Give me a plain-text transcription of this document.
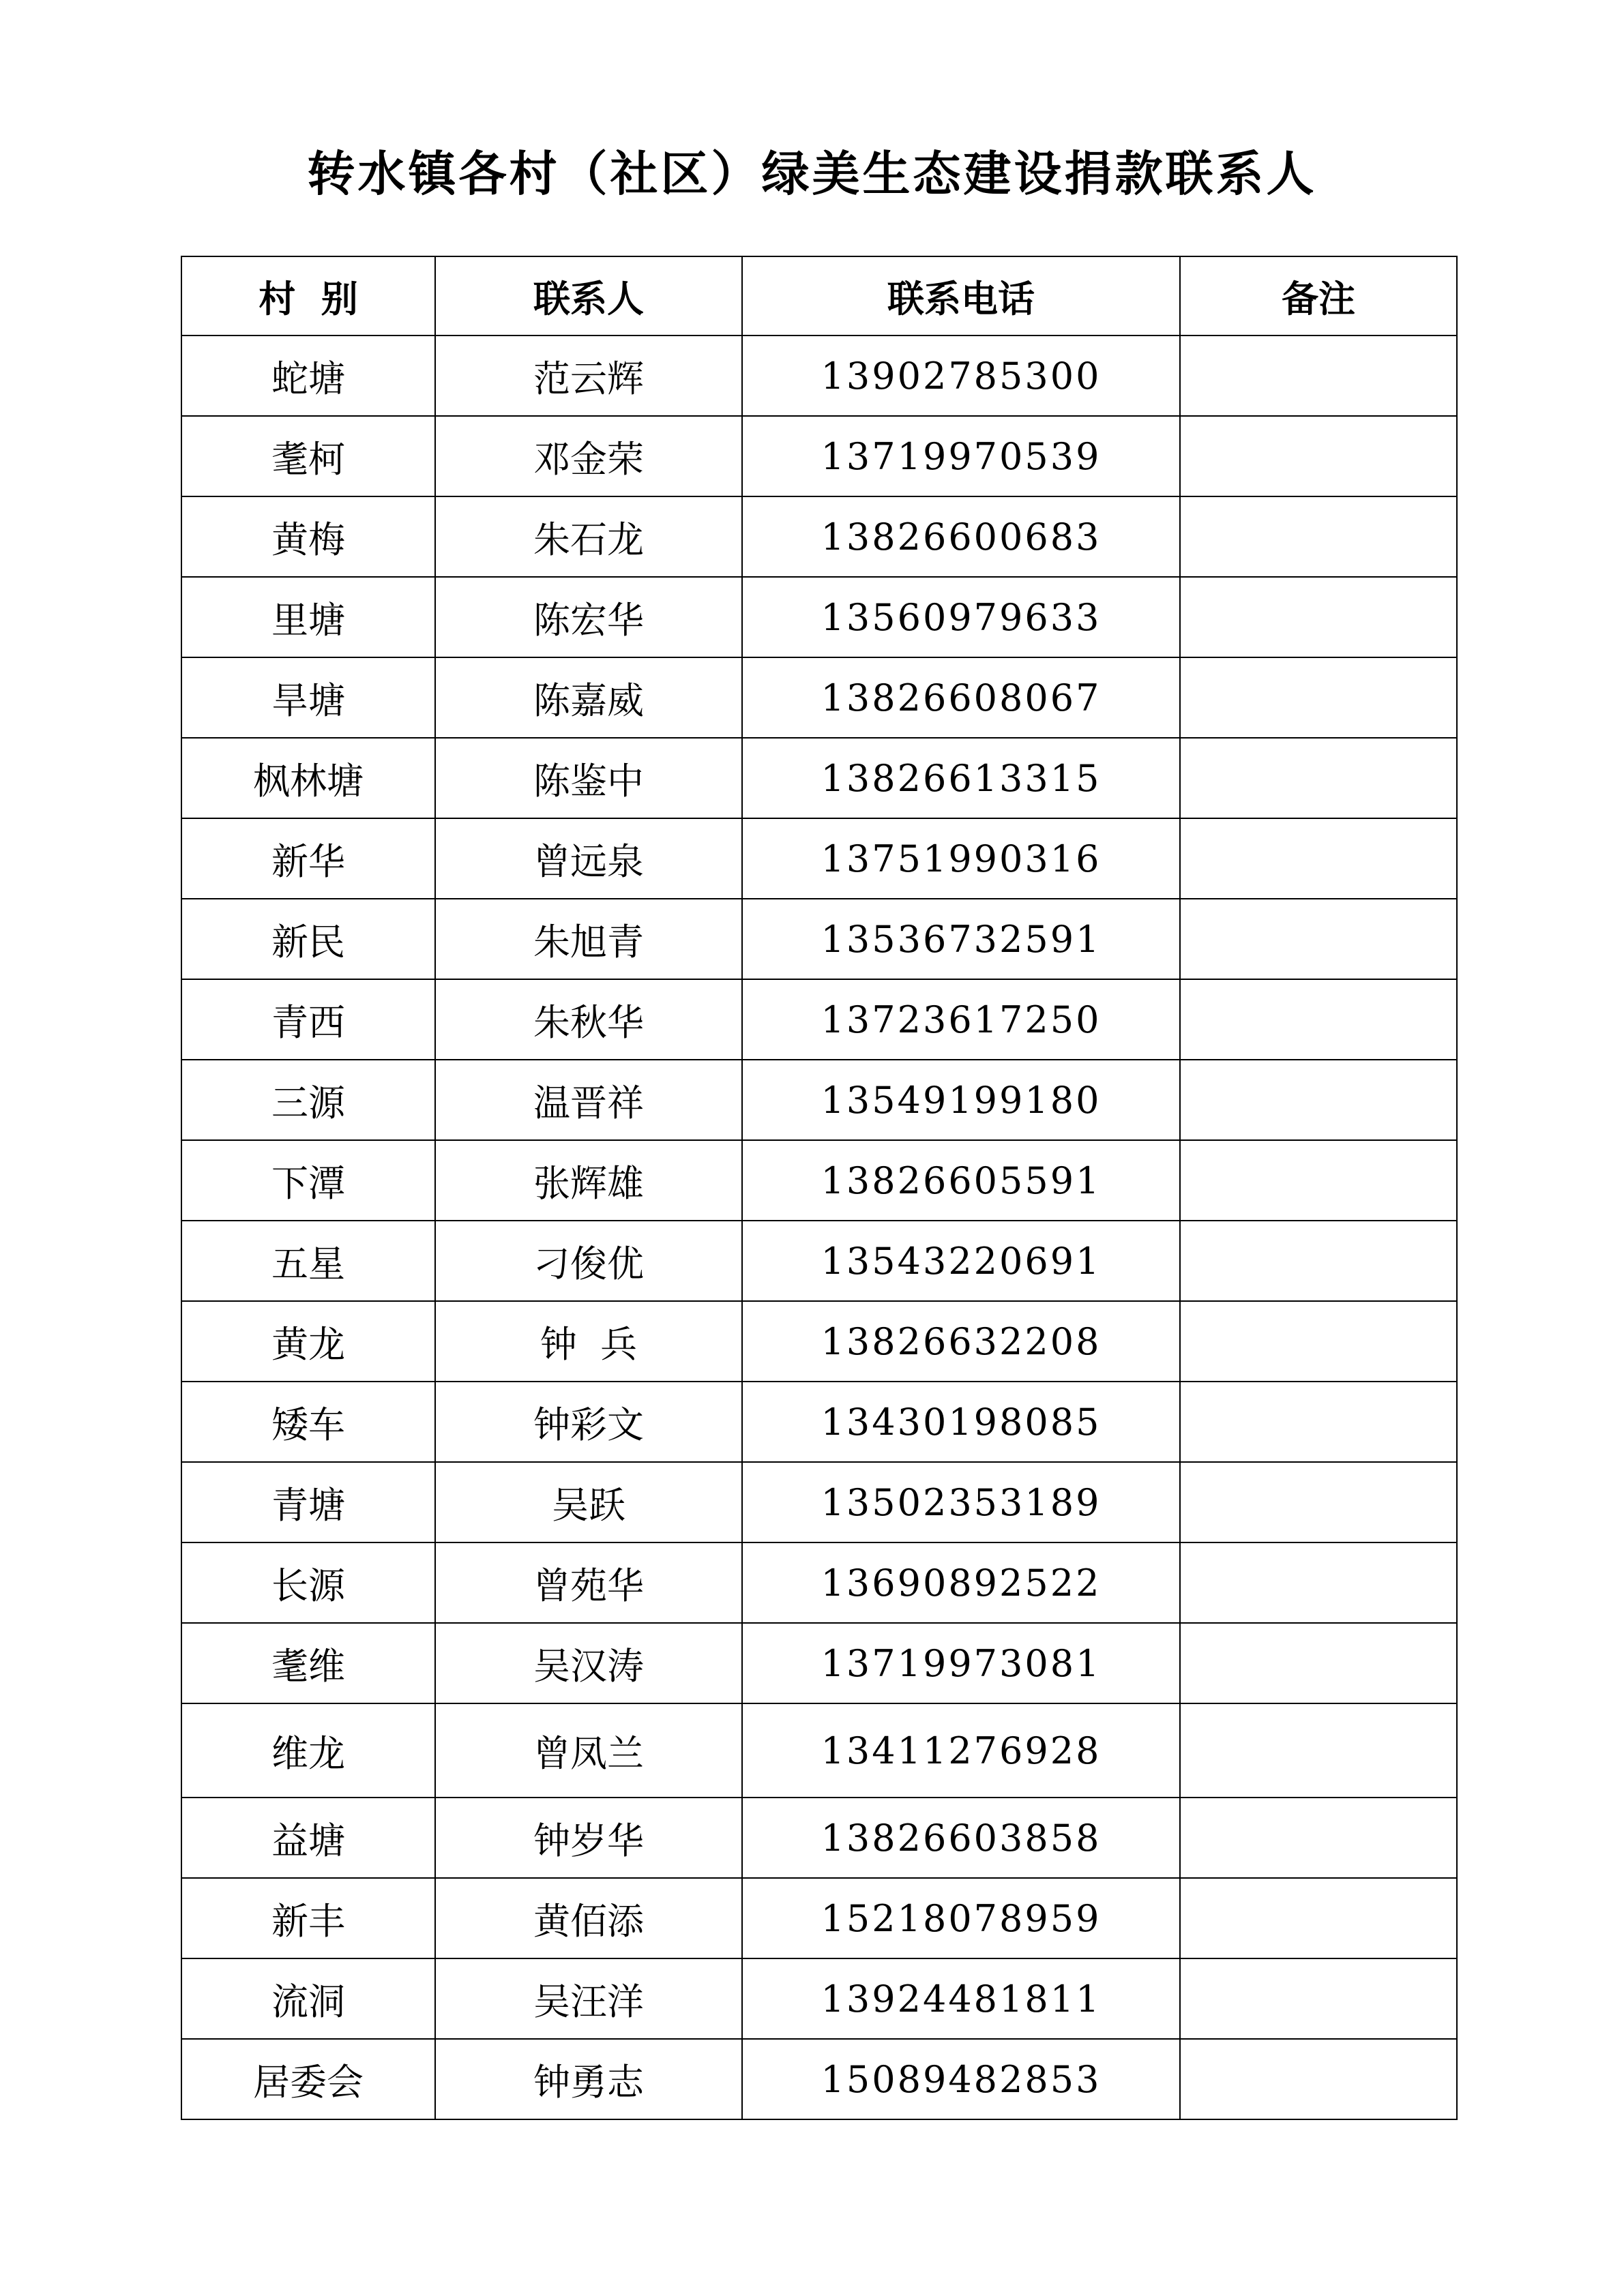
转水镇各村（社区）绿美生态建设捐款联系人
村  别	联系人	联系电话	备注
蛇塘	范云辉	13902785300	
耄柯	邓金荣	13719970539	
黄梅	朱石龙	13826600683	
里塘	陈宏华	13560979633	
旱塘	陈嘉威	13826608067	
枫林塘	陈鉴中	13826613315	
新华	曾远泉	13751990316	
新民	朱旭青	13536732591	
青西	朱秋华	13723617250	
三源	温晋祥	13549199180	
下潭	张辉雄	13826605591	
五星	刁俊优	13543220691	
黄龙	钟  兵	13826632208	
矮车	钟彩文	13430198085	
青塘	吴跃	13502353189	
长源	曾苑华	13690892522	
耄维	吴汉涛	13719973081	
维龙	曾凤兰	13411276928	
益塘	钟岁华	13826603858	
新丰	黄佰添	15218078959	
流洞	吴汪洋	13924481811	
居委会	钟勇志	15089482853	
